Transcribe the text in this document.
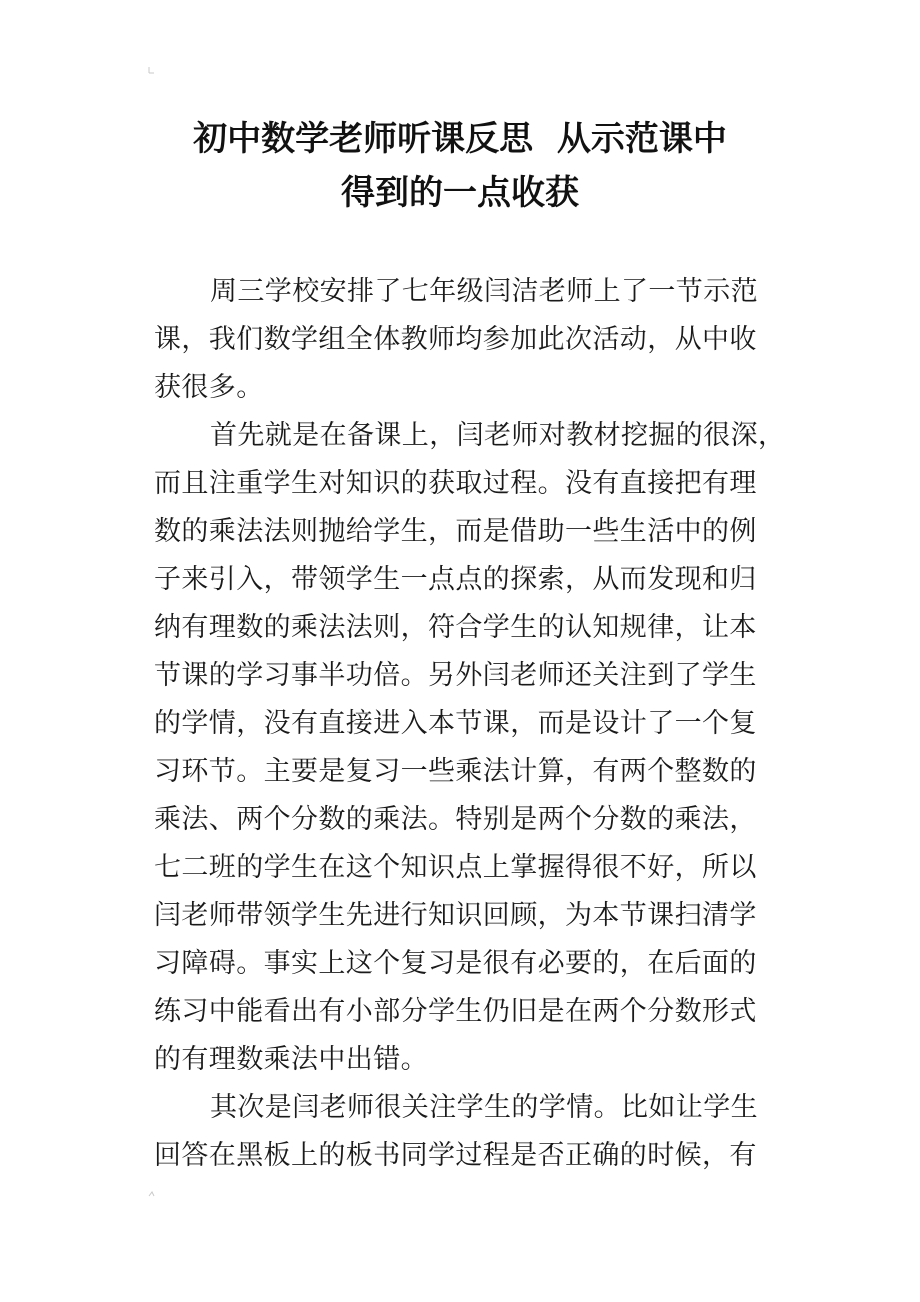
初中数学老师听课反思  从示范课中
得到的一点收获

周三学校安排了七年级闫洁老师上了一节示范
课，我们数学组全体教师均参加此次活动，从中收
获很多。

首先就是在备课上，闫老师对教材挖掘的很深，
而且注重学生对知识的获取过程。没有直接把有理
数的乘法法则抛给学生，而是借助一些生活中的例
子来引入，带领学生一点点的探索，从而发现和归
纳有理数的乘法法则，符合学生的认知规律，让本
节课的学习事半功倍。另外闫老师还关注到了学生
的学情，没有直接进入本节课，而是设计了一个复
习环节。主要是复习一些乘法计算，有两个整数的
乘法、两个分数的乘法。特别是两个分数的乘法，
七二班的学生在这个知识点上掌握得很不好，所以
闫老师带领学生先进行知识回顾，为本节课扫清学
习障碍。事实上这个复习是很有必要的，在后面的
练习中能看出有小部分学生仍旧是在两个分数形式
的有理数乘法中出错。

其次是闫老师很关注学生的学情。比如让学生
回答在黑板上的板书同学过程是否正确的时候，有
